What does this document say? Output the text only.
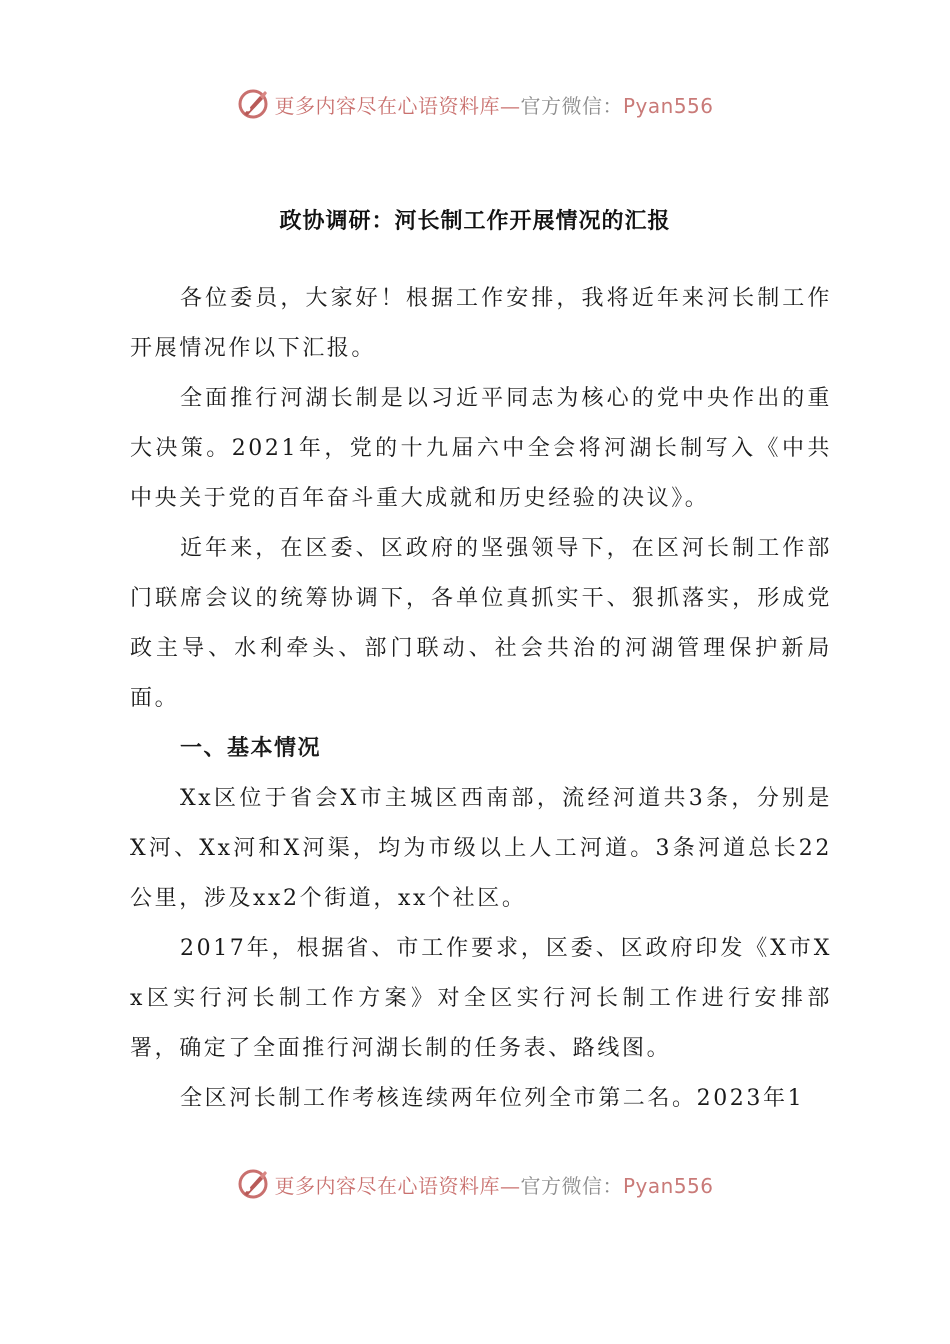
更多内容尽在心语资料库—官方微信：Pyan556
政协调研：河长制工作开展情况的汇报

各位委员，大家好！根据工作安排，我将近年来河长制工作开展情况作以下汇报。

全面推行河湖长制是以习近平同志为核心的党中央作出的重大决策。2021年，党的十九届六中全会将河湖长制写入《中共中央关于党的百年奋斗重大成就和历史经验的决议》。

近年来，在区委、区政府的坚强领导下，在区河长制工作部门联席会议的统筹协调下，各单位真抓实干、狠抓落实，形成党政主导、水利牵头、部门联动、社会共治的河湖管理保护新局面。

一、基本情况

Xx区位于省会X市主城区西南部，流经河道共3条，分别是X河、Xx河和X河渠，均为市级以上人工河道。3条河道总长22公里，涉及xx2个街道，xx个社区。

2017年，根据省、市工作要求，区委、区政府印发《X市Xx区实行河长制工作方案》对全区实行河长制工作进行安排部署，确定了全面推行河湖长制的任务表、路线图。

全区河长制工作考核连续两年位列全市第二名。2023年1

更多内容尽在心语资料库—官方微信：Pyan556
